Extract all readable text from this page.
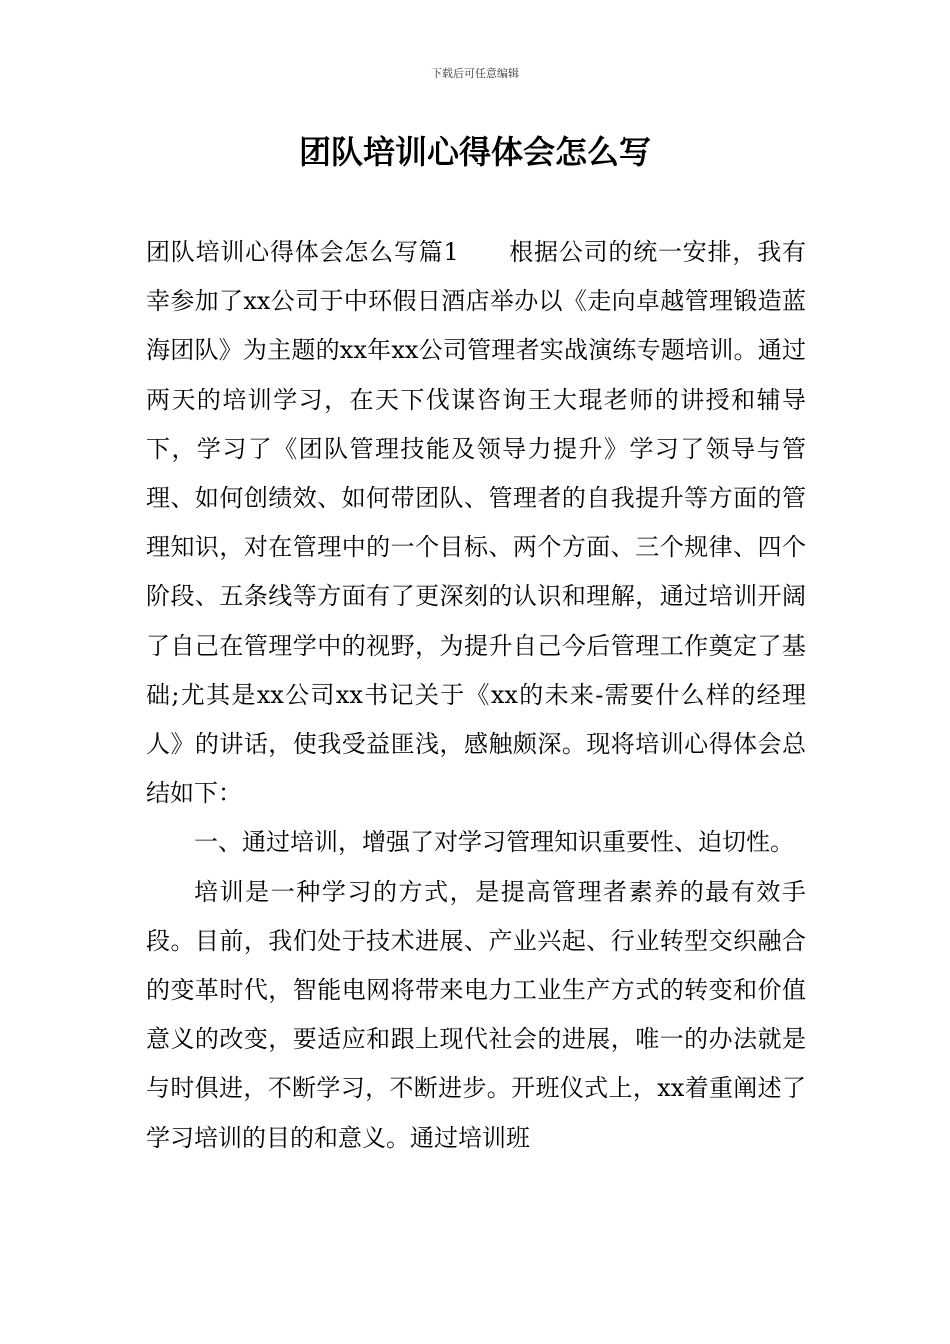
下载后可任意编辑
团队培训心得体会怎么写

团队培训心得体会怎么写篇1　　根据公司的统一安排，我有幸参加了xx公司于中环假日酒店举办以《走向卓越管理锻造蓝海团队》为主题的xx年xx公司管理者实战演练专题培训。通过两天的培训学习，在天下伐谋咨询王大琨老师的讲授和辅导下，学习了《团队管理技能及领导力提升》学习了领导与管理、如何创绩效、如何带团队、管理者的自我提升等方面的管理知识，对在管理中的一个目标、两个方面、三个规律、四个阶段、五条线等方面有了更深刻的认识和理解，通过培训开阔了自己在管理学中的视野，为提升自己今后管理工作奠定了基础;尤其是xx公司xx书记关于《xx的未来-需要什么样的经理人》的讲话，使我受益匪浅，感触颇深。现将培训心得体会总结如下：

一、通过培训，增强了对学习管理知识重要性、迫切性。

培训是一种学习的方式，是提高管理者素养的最有效手段。目前，我们处于技术进展、产业兴起、行业转型交织融合的变革时代，智能电网将带来电力工业生产方式的转变和价值意义的改变，要适应和跟上现代社会的进展，唯一的办法就是与时俱进，不断学习，不断进步。开班仪式上，xx着重阐述了学习培训的目的和意义。通过培训班
